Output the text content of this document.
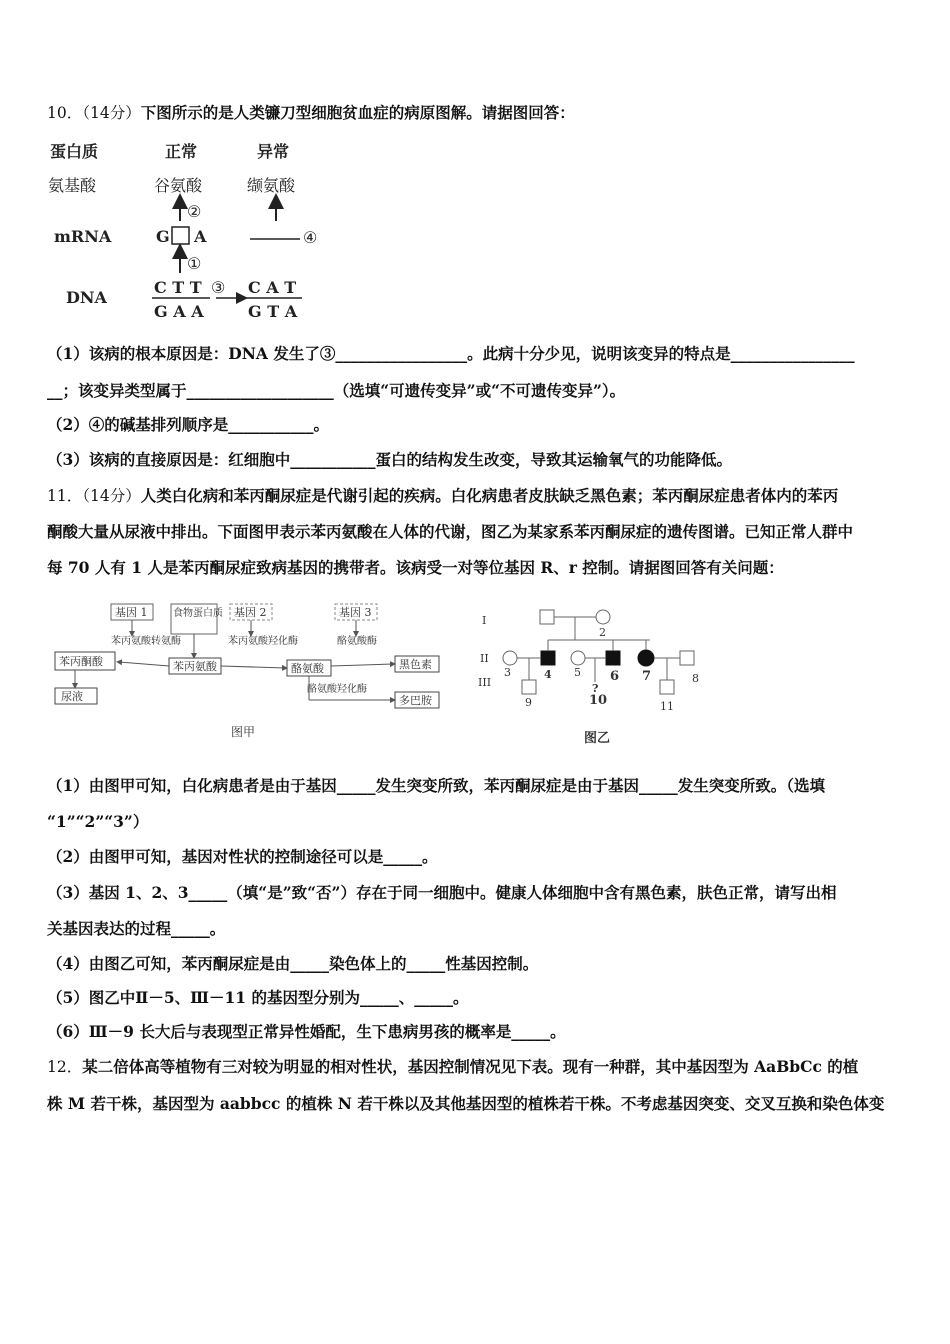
10．（14分）下图所示的是人类镰刀型细胞贫血症的病原图解。请据图回答：
蛋白质	正常	异常
氨基酸	谷氨酸	缬氨酸
②
mRNA	G A	④
①
DNA
C T T
G A A
③ C A T
G T A
（1）该病的根本原因是：DNA 发生了③_________________。此病十分少见，说明该变异的特点是________________
__；该变异类型属于___________________（选填“可遗传变异”或“不可遗传变异”）。
（2）④的碱基排列顺序是___________。
（3）该病的直接原因是：红细胞中___________蛋白的结构发生改变，导致其运输氧气的功能降低。
11．（14分）人类白化病和苯丙酮尿症是代谢引起的疾病。白化病患者皮肤缺乏黑色素；苯丙酮尿症患者体内的苯丙
酮酸大量从尿液中排出。下面图甲表示苯丙氨酸在人体的代谢，图乙为某家系苯丙酮尿症的遗传图谱。已知正常人群中
每 70 人有 1 人是苯丙酮尿症致病基因的携带者。该病受一对等位基因 R、r 控制。请据图回答有关问题：
基因 1	食物蛋白质 基因 2	基因 3
苯丙氨酸转氨酶	苯丙氨酸羟化酶	酪氨酸酶
苯丙酮酸	苯丙氨酸	酪氨酸	黑色素
尿液
酪氨酸羟化酶
多巴胺
图甲
I
II
III
2
3	4 5 6 7	8
9
?
10	11
图乙
（1）由图甲可知，白化病患者是由于基因_____发生突变所致，苯丙酮尿症是由于基因_____发生突变所致。（选填
“1”“2”“3”）
（2）由图甲可知，基因对性状的控制途径可以是_____。
（3）基因 1、2、3_____（填“是”致“否”）存在于同一细胞中。健康人体细胞中含有黑色素，肤色正常，请写出相
关基因表达的过程_____。
（4）由图乙可知，苯丙酮尿症是由_____染色体上的_____性基因控制。
（5）图乙中Ⅱ－5、Ⅲ－11 的基因型分别为_____、_____。
（6）Ⅲ－9 长大后与表现型正常异性婚配，生下患病男孩的概率是_____。
12．某二倍体高等植物有三对较为明显的相对性状，基因控制情况见下表。现有一种群，其中基因型为 AaBbCc 的植
株 M 若干株，基因型为 aabbcc 的植株 N 若干株以及其他基因型的植株若干株。不考虑基因突变、交叉互换和染色体变
